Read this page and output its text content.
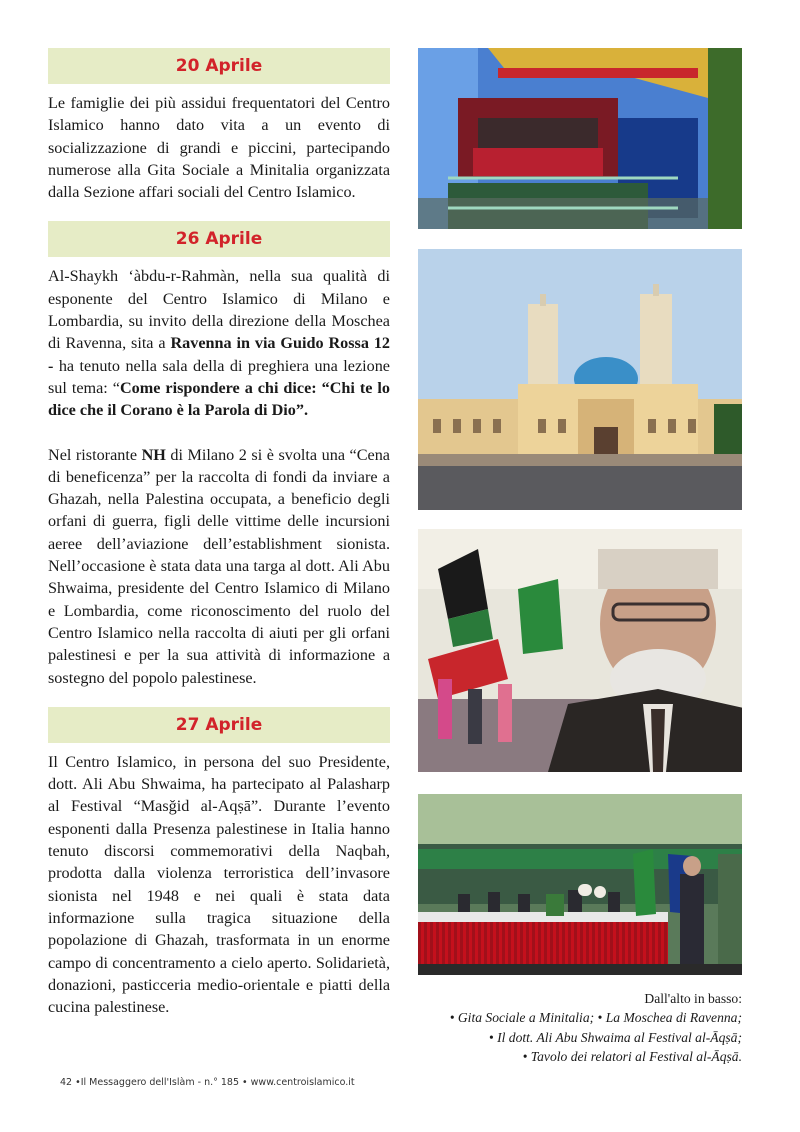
20 Aprile

Le famiglie dei più assidui frequentatori del Centro Islamico hanno dato vita a un evento di socializzazione di grandi e piccini, partecipando numerose alla Gita Sociale a Minitalia organizzata dalla Sezione affari sociali del Centro Islamico.

26 Aprile

Al-Shaykh ‘àbdu-r-Rahmàn, nella sua qualità di esponente del Centro Islamico di Milano e Lombardia, su invito della direzione della Moschea di Ravenna, sita a Ravenna in via Guido Rossa 12 - ha tenuto nella sala della di preghiera una lezione sul tema: “Come rispondere a chi dice: “Chi te lo dice che il Corano è la Parola di Dio”.

Nel ristorante NH di Milano 2 si è svolta una “Cena di beneficenza” per la raccolta di fondi da inviare a Ghazah, nella Palestina occupata, a beneficio degli orfani di guerra, figli delle vittime delle incursioni aeree dell’aviazione dell’establishment sionista. Nell’occasione è stata data una targa al dott. Ali Abu Shwaima, presidente del Centro Islamico di Milano e Lombardia, come riconoscimento del ruolo del Centro Islamico nella raccolta di aiuti per gli orfani palestinesi e per la sua attività di informazione a sostegno del popolo palestinese.

27 Aprile

Il Centro Islamico, in persona del suo Presidente, dott. Ali Abu Shwaima, ha partecipato al Palasharp al Festival “Masǧid al-Aqṣā”. Durante l’evento esponenti dalla Presenza palestinese in Italia hanno tenuto discorsi commemorativi della Naqbah, prodotta dalla violenza terroristica dell’invasore sionista nel 1948 e nei quali è stata data informazione sulla tragica situazione della popolazione di Ghazah, trasformata in un enorme campo di concentramento a cielo aperto. Solidarietà, donazioni, pasticceria medio-orientale e piatti della cucina palestinese.	Dall'alto in basso:
• Gita Sociale a Minitalia; • La Moschea di Ravenna;
• Il dott. Ali Abu Shwaima al Festival al-Āqṣā;
• Tavolo dei relatori al Festival al-Āqṣā.
42 •Il Messaggero dell'Islàm - n.° 185 • www.centroislamico.it
